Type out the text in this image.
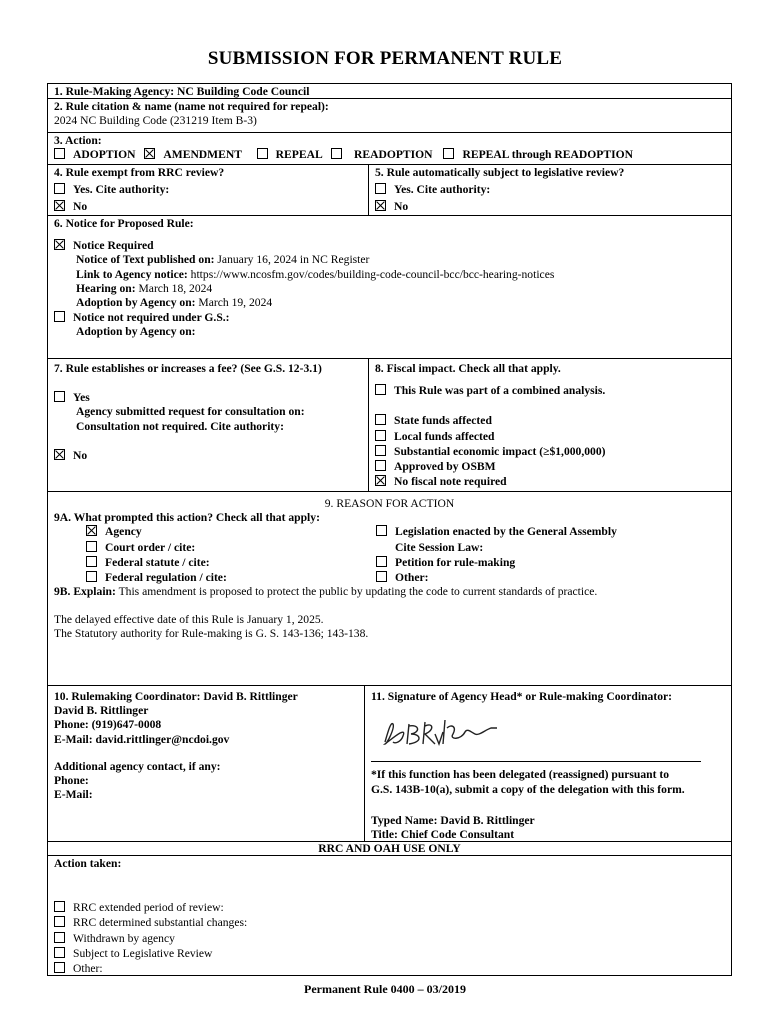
SUBMISSION FOR PERMANENT RULE
1. Rule-Making Agency: NC Building Code Council
2. Rule citation & name (name not required for repeal):
2024 NC Building Code (231219 Item B-3)
3. Action:
ADOPTION AMENDMENT	REPEAL	READOPTION	REPEAL through READOPTION
4. Rule exempt from RRC review?
Yes. Cite authority:
No
5. Rule automatically subject to legislative review?
Yes. Cite authority:
No
6. Notice for Proposed Rule:
Notice Required
Notice of Text published on: January 16, 2024 in NC Register
Link to Agency notice: https://www.ncosfm.gov/codes/building-code-council-bcc/bcc-hearing-notices
Hearing on: March 18, 2024
Adoption by Agency on: March 19, 2024
Notice not required under G.S.:
Adoption by Agency on:
7. Rule establishes or increases a fee? (See G.S. 12-3.1)
Yes
Agency submitted request for consultation on:
Consultation not required. Cite authority:
No
8. Fiscal impact. Check all that apply.
This Rule was part of a combined analysis.
State funds affected
Local funds affected
Substantial economic impact (≥$1,000,000)
Approved by OSBM
No fiscal note required
9. REASON FOR ACTION
9A. What prompted this action? Check all that apply:
Agency
Court order / cite:
Federal statute / cite:
Federal regulation / cite:
Legislation enacted by the General Assembly
Cite Session Law:
Petition for rule-making
Other:
9B. Explain: This amendment is proposed to protect the public by updating the code to current standards of practice.
The delayed effective date of this Rule is January 1, 2025.
The Statutory authority for Rule-making is G. S. 143-136; 143-138.
10. Rulemaking Coordinator: David B. Rittlinger
David B. Rittlinger
Phone: (919)647-0008
E-Mail: david.rittlinger@ncdoi.gov
Additional agency contact, if any:
Phone:
E-Mail:
11. Signature of Agency Head* or Rule-making Coordinator:
*If this function has been delegated (reassigned) pursuant to
G.S. 143B-10(a), submit a copy of the delegation with this form.
Typed Name: David B. Rittlinger
Title: Chief Code Consultant
RRC AND OAH USE ONLY
Action taken:
RRC extended period of review:
RRC determined substantial changes:
Withdrawn by agency
Subject to Legislative Review
Other:
Permanent Rule 0400 – 03/2019
